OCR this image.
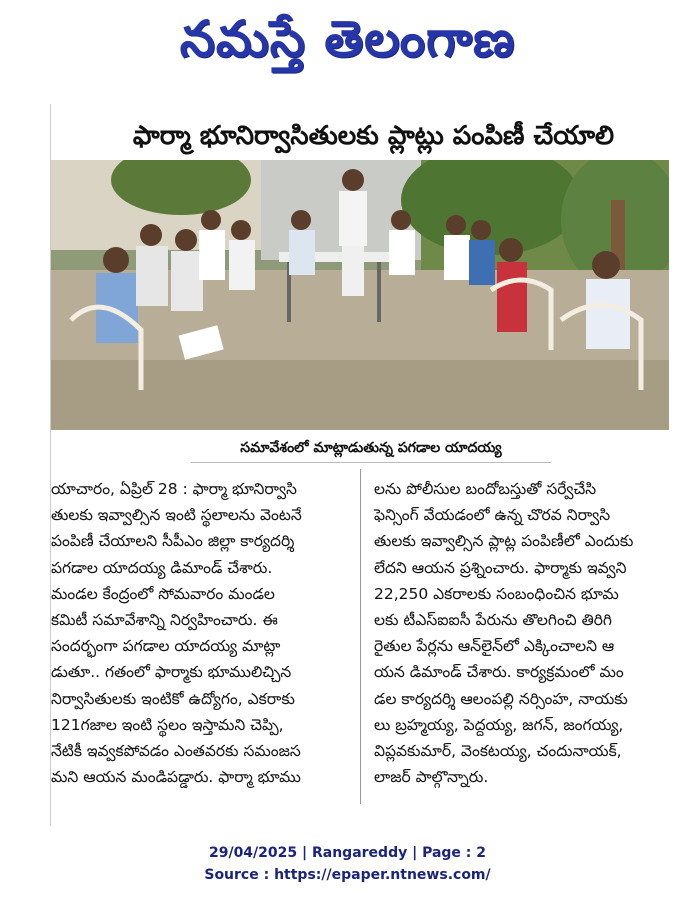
నమస్తే తెలంగాణ
ఫార్మా భూనిర్వాసితులకు ప్లాట్లు పంపిణీ చేయాలి
సమావేశంలో మాట్లాడుతున్న పగడాల యాదయ్య

యాచారం, ఏప్రిల్ 28 : ఫార్మా భూనిర్వాసి

తులకు ఇవ్వాల్సిన ఇంటి స్థలాలను వెంటనే

పంపిణీ చేయాలని సీపీఎం జిల్లా కార్యదర్శి

పగడాల యాదయ్య డిమాండ్ చేశారు.

మండల కేంద్రంలో సోమవారం మండల

కమిటీ సమావేశాన్ని నిర్వహించారు. ఈ

సందర్భంగా పగడాల యాదయ్య మాట్లా

డుతూ.. గతంలో ఫార్మాకు భూములిచ్చిన

నిర్వాసితులకు ఇంటికో ఉద్యోగం, ఎకరాకు

121గజాల ఇంటి స్థలం ఇస్తామని చెప్పి,

నేటికీ ఇవ్వకపోవడం ఎంతవరకు సమంజస

మని ఆయన మండిపడ్డారు. ఫార్మా భూము

లను పోలీసుల బందోబస్తుతో సర్వేచేసి

ఫెన్సింగ్ వేయడంలో ఉన్న చొరవ నిర్వాసి

తులకు ఇవ్వాల్సిన ప్లాట్ల పంపిణీలో ఎందుకు

లేదని ఆయన ప్రశ్నించారు. ఫార్మాకు ఇవ్వని

22,250 ఎకరాలకు సంబంధించిన భూమ

లకు టీఎస్ఐఐసీ పేరును తొలగించి తిరిగి

రైతుల పేర్లను ఆన్‌లైన్‌లో ఎక్కించాలని ఆ

యన డిమాండ్ చేశారు. కార్యక్రమంలో మం

డల కార్యదర్శి ఆలంపల్లి నర్సింహ, నాయకు

లు బ్రహ్మయ్య, పెద్దయ్య, జగన్, జంగయ్య,

విప్లవకుమార్, వెంకటయ్య, చందునాయక్,

లాజర్ పాల్గొన్నారు.

29/04/2025 | Rangareddy | Page : 2
Source : https://epaper.ntnews.com/
